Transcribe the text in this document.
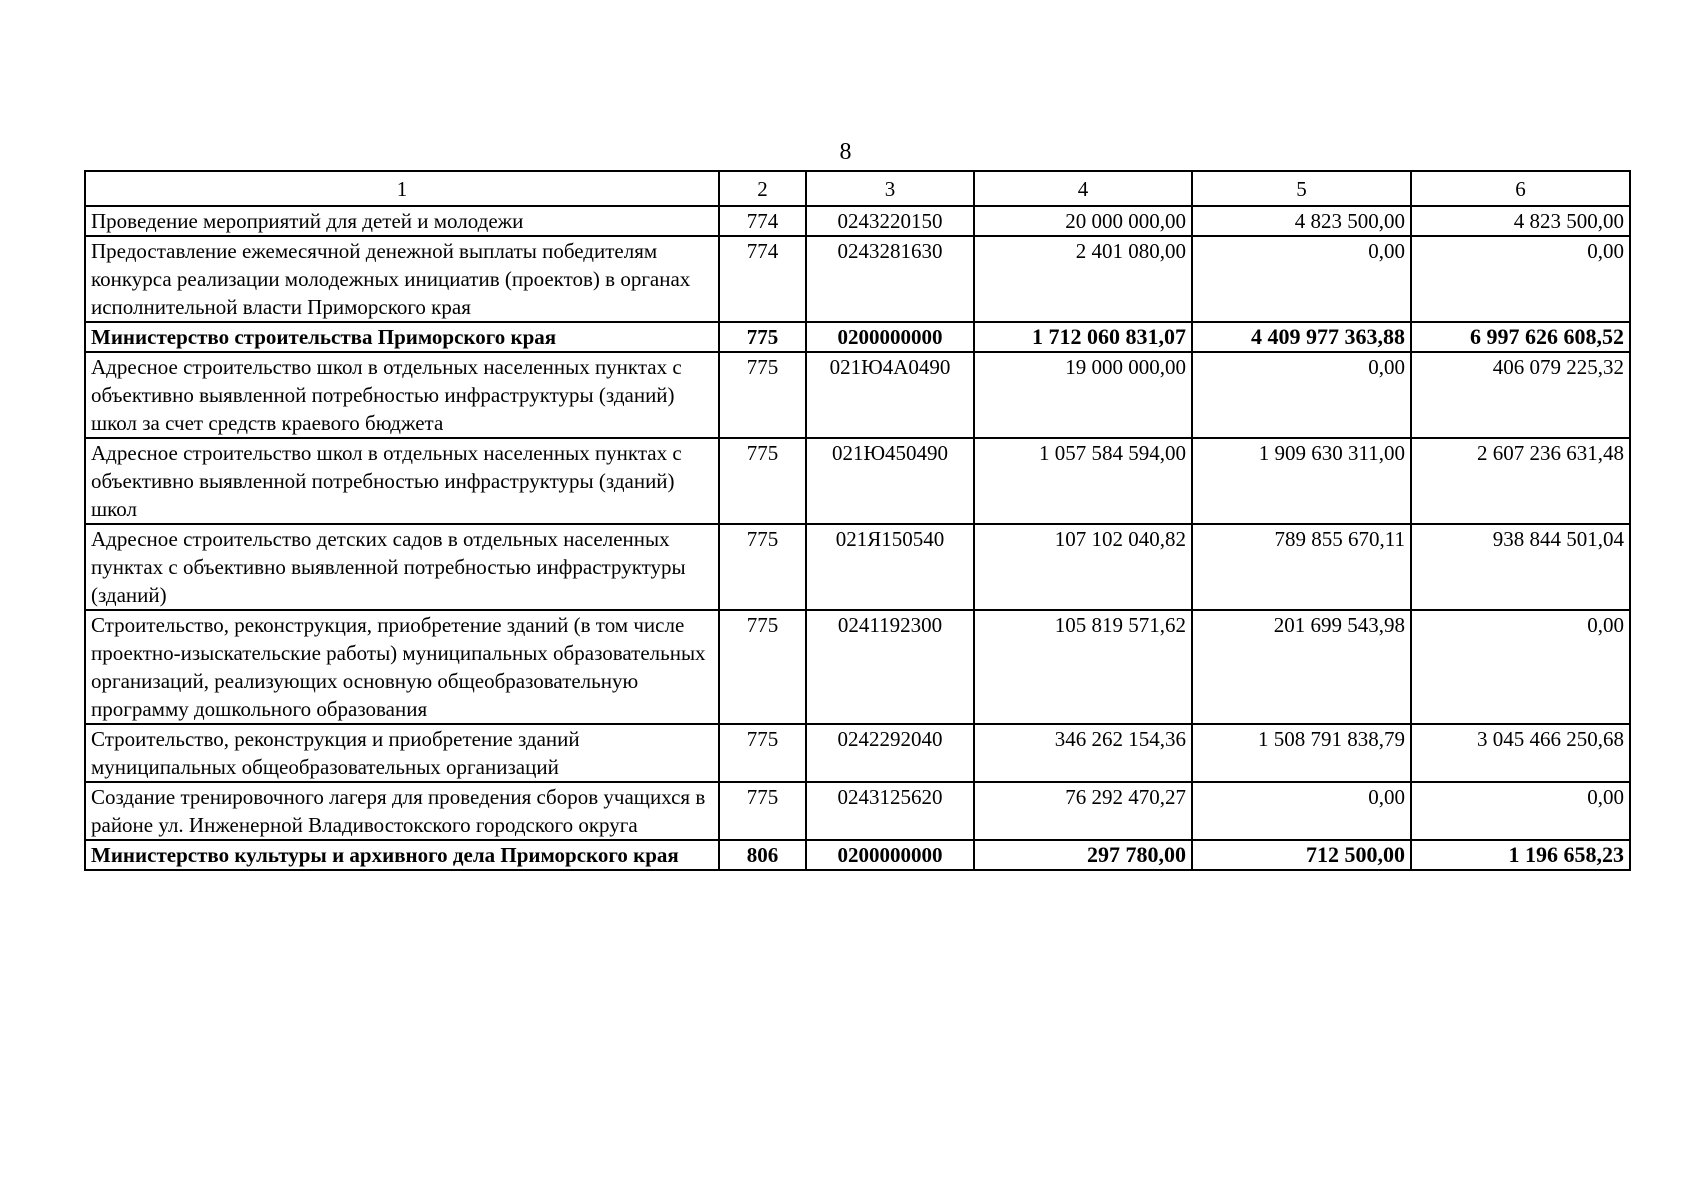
8
1	2	3	4	5	6
Проведение мероприятий для детей и молодежи	774	0243220150	20 000 000,00	4 823 500,00	4 823 500,00
Предоставление ежемесячной денежной выплаты победителям конкурса реализации молодежных инициатив (проектов) в органах исполнительной власти Приморского края	774	0243281630	2 401 080,00	0,00	0,00
Министерство строительства Приморского края	775	0200000000	1 712 060 831,07	4 409 977 363,88	6 997 626 608,52
Адресное строительство школ в отдельных населенных пунктах с объективно выявленной потребностью инфраструктуры (зданий) школ за счет средств краевого бюджета	775	021Ю4А0490	19 000 000,00	0,00	406 079 225,32
Адресное строительство школ в отдельных населенных пунктах с объективно выявленной потребностью инфраструктуры (зданий) школ	775	021Ю450490	1 057 584 594,00	1 909 630 311,00	2 607 236 631,48
Адресное строительство детских садов в отдельных населенных пунктах с объективно выявленной потребностью инфраструктуры (зданий)	775	021Я150540	107 102 040,82	789 855 670,11	938 844 501,04
Строительство, реконструкция, приобретение зданий (в том числе проектно-изыскательские работы) муниципальных образовательных организаций, реализующих основную общеобразовательную программу дошкольного образования	775	0241192300	105 819 571,62	201 699 543,98	0,00
Строительство, реконструкция и приобретение зданий муниципальных общеобразовательных организаций	775	0242292040	346 262 154,36	1 508 791 838,79	3 045 466 250,68
Создание тренировочного лагеря для проведения сборов учащихся в районе ул. Инженерной Владивостокского городского округа	775	0243125620	76 292 470,27	0,00	0,00
Министерство культуры и архивного дела Приморского края	806	0200000000	297 780,00	712 500,00	1 196 658,23
